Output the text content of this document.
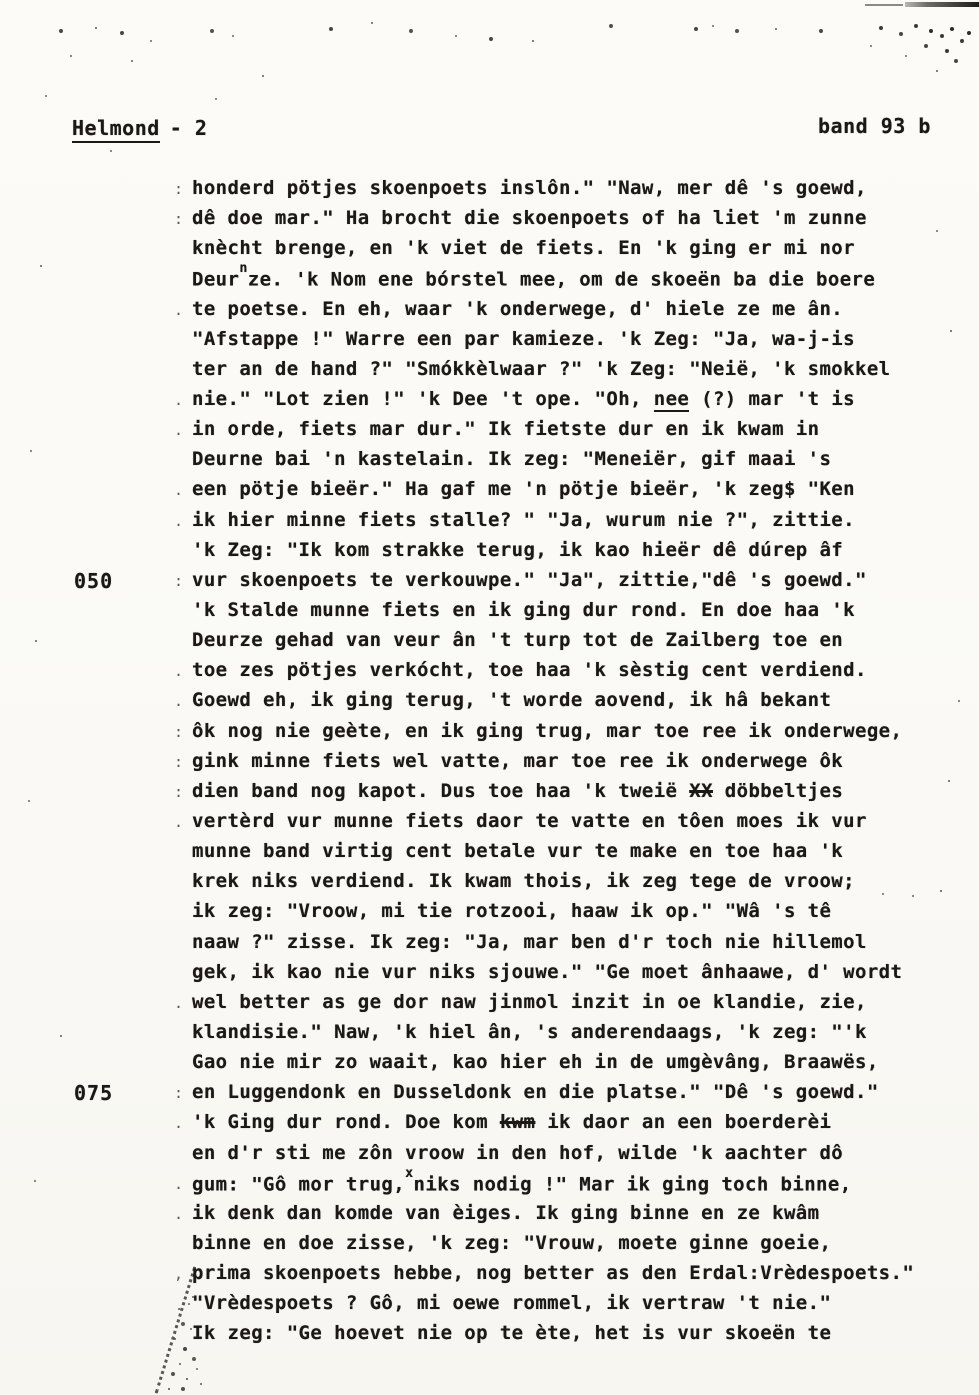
Helmond - 2	band 93 b
: honderd pötjes skoenpoets inslôn." "Naw, mer dê 's goewd,
: dê doe mar." Ha brocht die skoenpoets of ha liet 'm zunne
knècht brenge, en 'k viet de fiets. En 'k ging er mi nor
Deur$^n$ze. 'k Nom ene bórstel mee, om de skoeën ba die boere
. te poetse. En eh, waar 'k onderwege, d' hiele ze me ân.
"Afstappe !" Warre een par kamieze. 'k Zeg: "Ja, wa-j-is
ter an de hand ?" "Smókkèlwaar ?" 'k Zeg: "Neië, 'k smokkel
. nie." "Lot zien !" 'k Dee 't ope. "Oh, nee (?) mar 't is
. in orde, fiets mar dur." Ik fietste dur en ik kwam in
Deurne bai 'n kastelain. Ik zeg: "Meneiër, gif maai 's
. een pötje bieër." Ha gaf me 'n pötje bieër, 'k zeg$ "Ken
. ik hier minne fiets stalle? " "Ja, wurum nie ?", zittie.
'k Zeg: "Ik kom strakke terug, ik kao hieër dê dúrep âf
050	: vur skoenpoets te verkouwpe." "Ja", zittie,"dê 's goewd."
'k Stalde munne fiets en ik ging dur rond. En doe haa 'k
Deurze gehad van veur ân 't turp tot de Zailberg toe en
. toe zes pötjes verkócht, toe haa 'k sèstig cent verdiend.
. Goewd eh, ik ging terug, 't worde aovend, ik hâ bekant
: ôk nog nie geète, en ik ging trug, mar toe ree ik onderwege,
: gink minne fiets wel vatte, mar toe ree ik onderwege ôk
: dien band nog kapot. Dus toe haa 'k tweië XX döbbeltjes
. vertèrd vur munne fiets daor te vatte en tôen moes ik vur
munne band virtig cent betale vur te make en toe haa 'k
krek niks verdiend. Ik kwam thois, ik zeg tege de vroow;
ik zeg: "Vroow, mi tie rotzooi, haaw ik op." "Wâ 's tê
naaw ?" zisse. Ik zeg: "Ja, mar ben d'r toch nie hillemol
gek, ik kao nie vur niks sjouwe." "Ge moet ânhaawe, d' wordt
. wel better as ge dor naw jinmol inzit in oe klandie, zie,
klandisie." Naw, 'k hiel ân, 's anderendaags, 'k zeg: "'k
Gao nie mir zo waait, kao hier eh in de umgèvâng, Braawës,
075	: en Luggendonk en Dusseldonk en die platse." "Dê 's goewd."
. 'k Ging dur rond. Doe kom kwm ik daor an een boerderèi
en d'r sti me zôn vroow in den hof, wilde 'k aachter dô
. gum: "Gô mor trug,$^x$niks nodig !" Mar ik ging toch binne,
. ik denk dan komde van èiges. Ik ging binne en ze kwâm
binne en doe zisse, 'k zeg: "Vrouw, moete ginne goeie,
, prima skoenpoets hebbe, nog better as den Erdal:Vrèdespoets."
"Vrèdespoets ? Gô, mi oewe rommel, ik vertraw 't nie."
Ik zeg: "Ge hoevet nie op te ète, het is vur skoeën te
